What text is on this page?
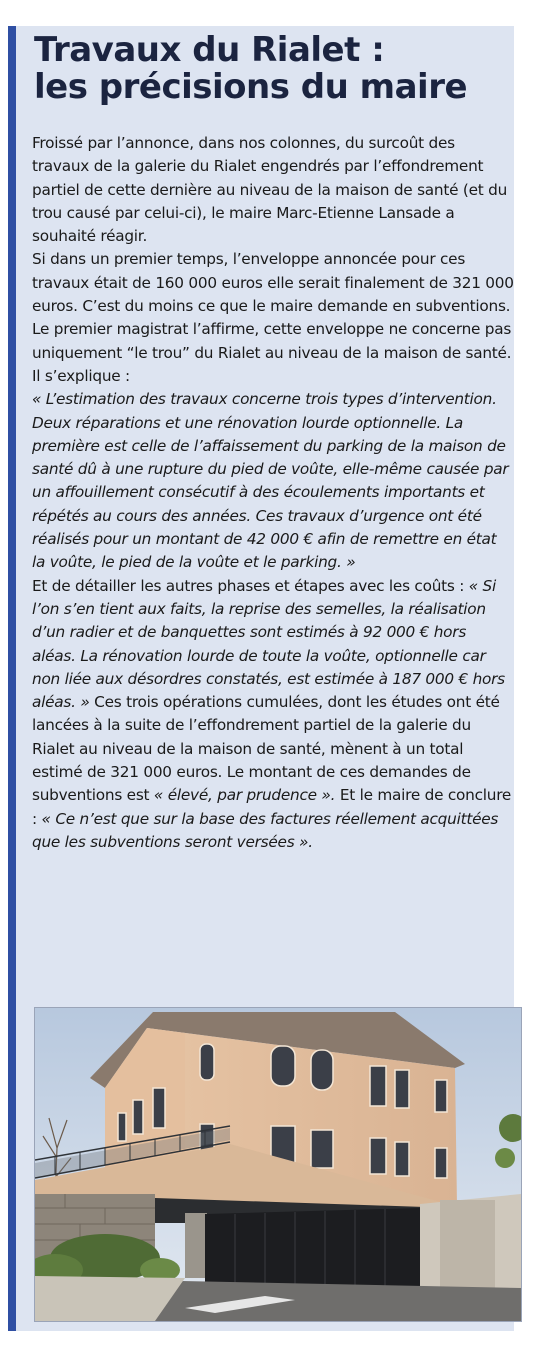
Travaux du Rialet :
les précisions du maire

Froissé par l’annonce, dans nos colonnes, du surcoût des travaux de la galerie du Rialet engendrés par l’effondrement partiel de cette dernière au niveau de la maison de santé (et du trou causé par celui-ci), le maire Marc-Etienne Lansade a souhaité réagir.

Si dans un premier temps, l’enveloppe annoncée pour ces travaux était de 160 000 euros elle serait finalement de 321 000 euros. C’est du moins ce que le maire demande en subventions.

Le premier magistrat l’affirme, cette enveloppe ne concerne pas uniquement “le trou” du Rialet au niveau de la maison de santé. Il s’explique :

« L’estimation des travaux concerne trois types d’intervention. Deux réparations et une rénovation lourde optionnelle. La première est celle de l’affaissement du parking de la maison de santé dû à une rupture du pied de voûte, elle-même causée par un affouillement consécutif à des écoulements importants et répétés au cours des années. Ces travaux d’urgence ont été réalisés pour un montant de 42 000 € afin de remettre en état la voûte, le pied de la voûte et le parking. »

Et de détailler les autres phases et étapes avec les coûts : « Si l’on s’en tient aux faits, la reprise des semelles, la réalisation d’un radier et de banquettes sont estimés à 92 000 € hors aléas. La rénovation lourde de toute la voûte, optionnelle car non liée aux désordres constatés, est estimée à 187 000 € hors aléas. » Ces trois opérations cumulées, dont les études ont été lancées à la suite de l’effondrement partiel de la galerie du Rialet au niveau de la maison de santé, mènent à un total estimé de 321 000 euros. Le montant de ces demandes de subventions est « élevé, par prudence ». Et le maire de conclure : « Ce n’est que sur la base des factures réellement acquittées que les subventions seront versées ».
